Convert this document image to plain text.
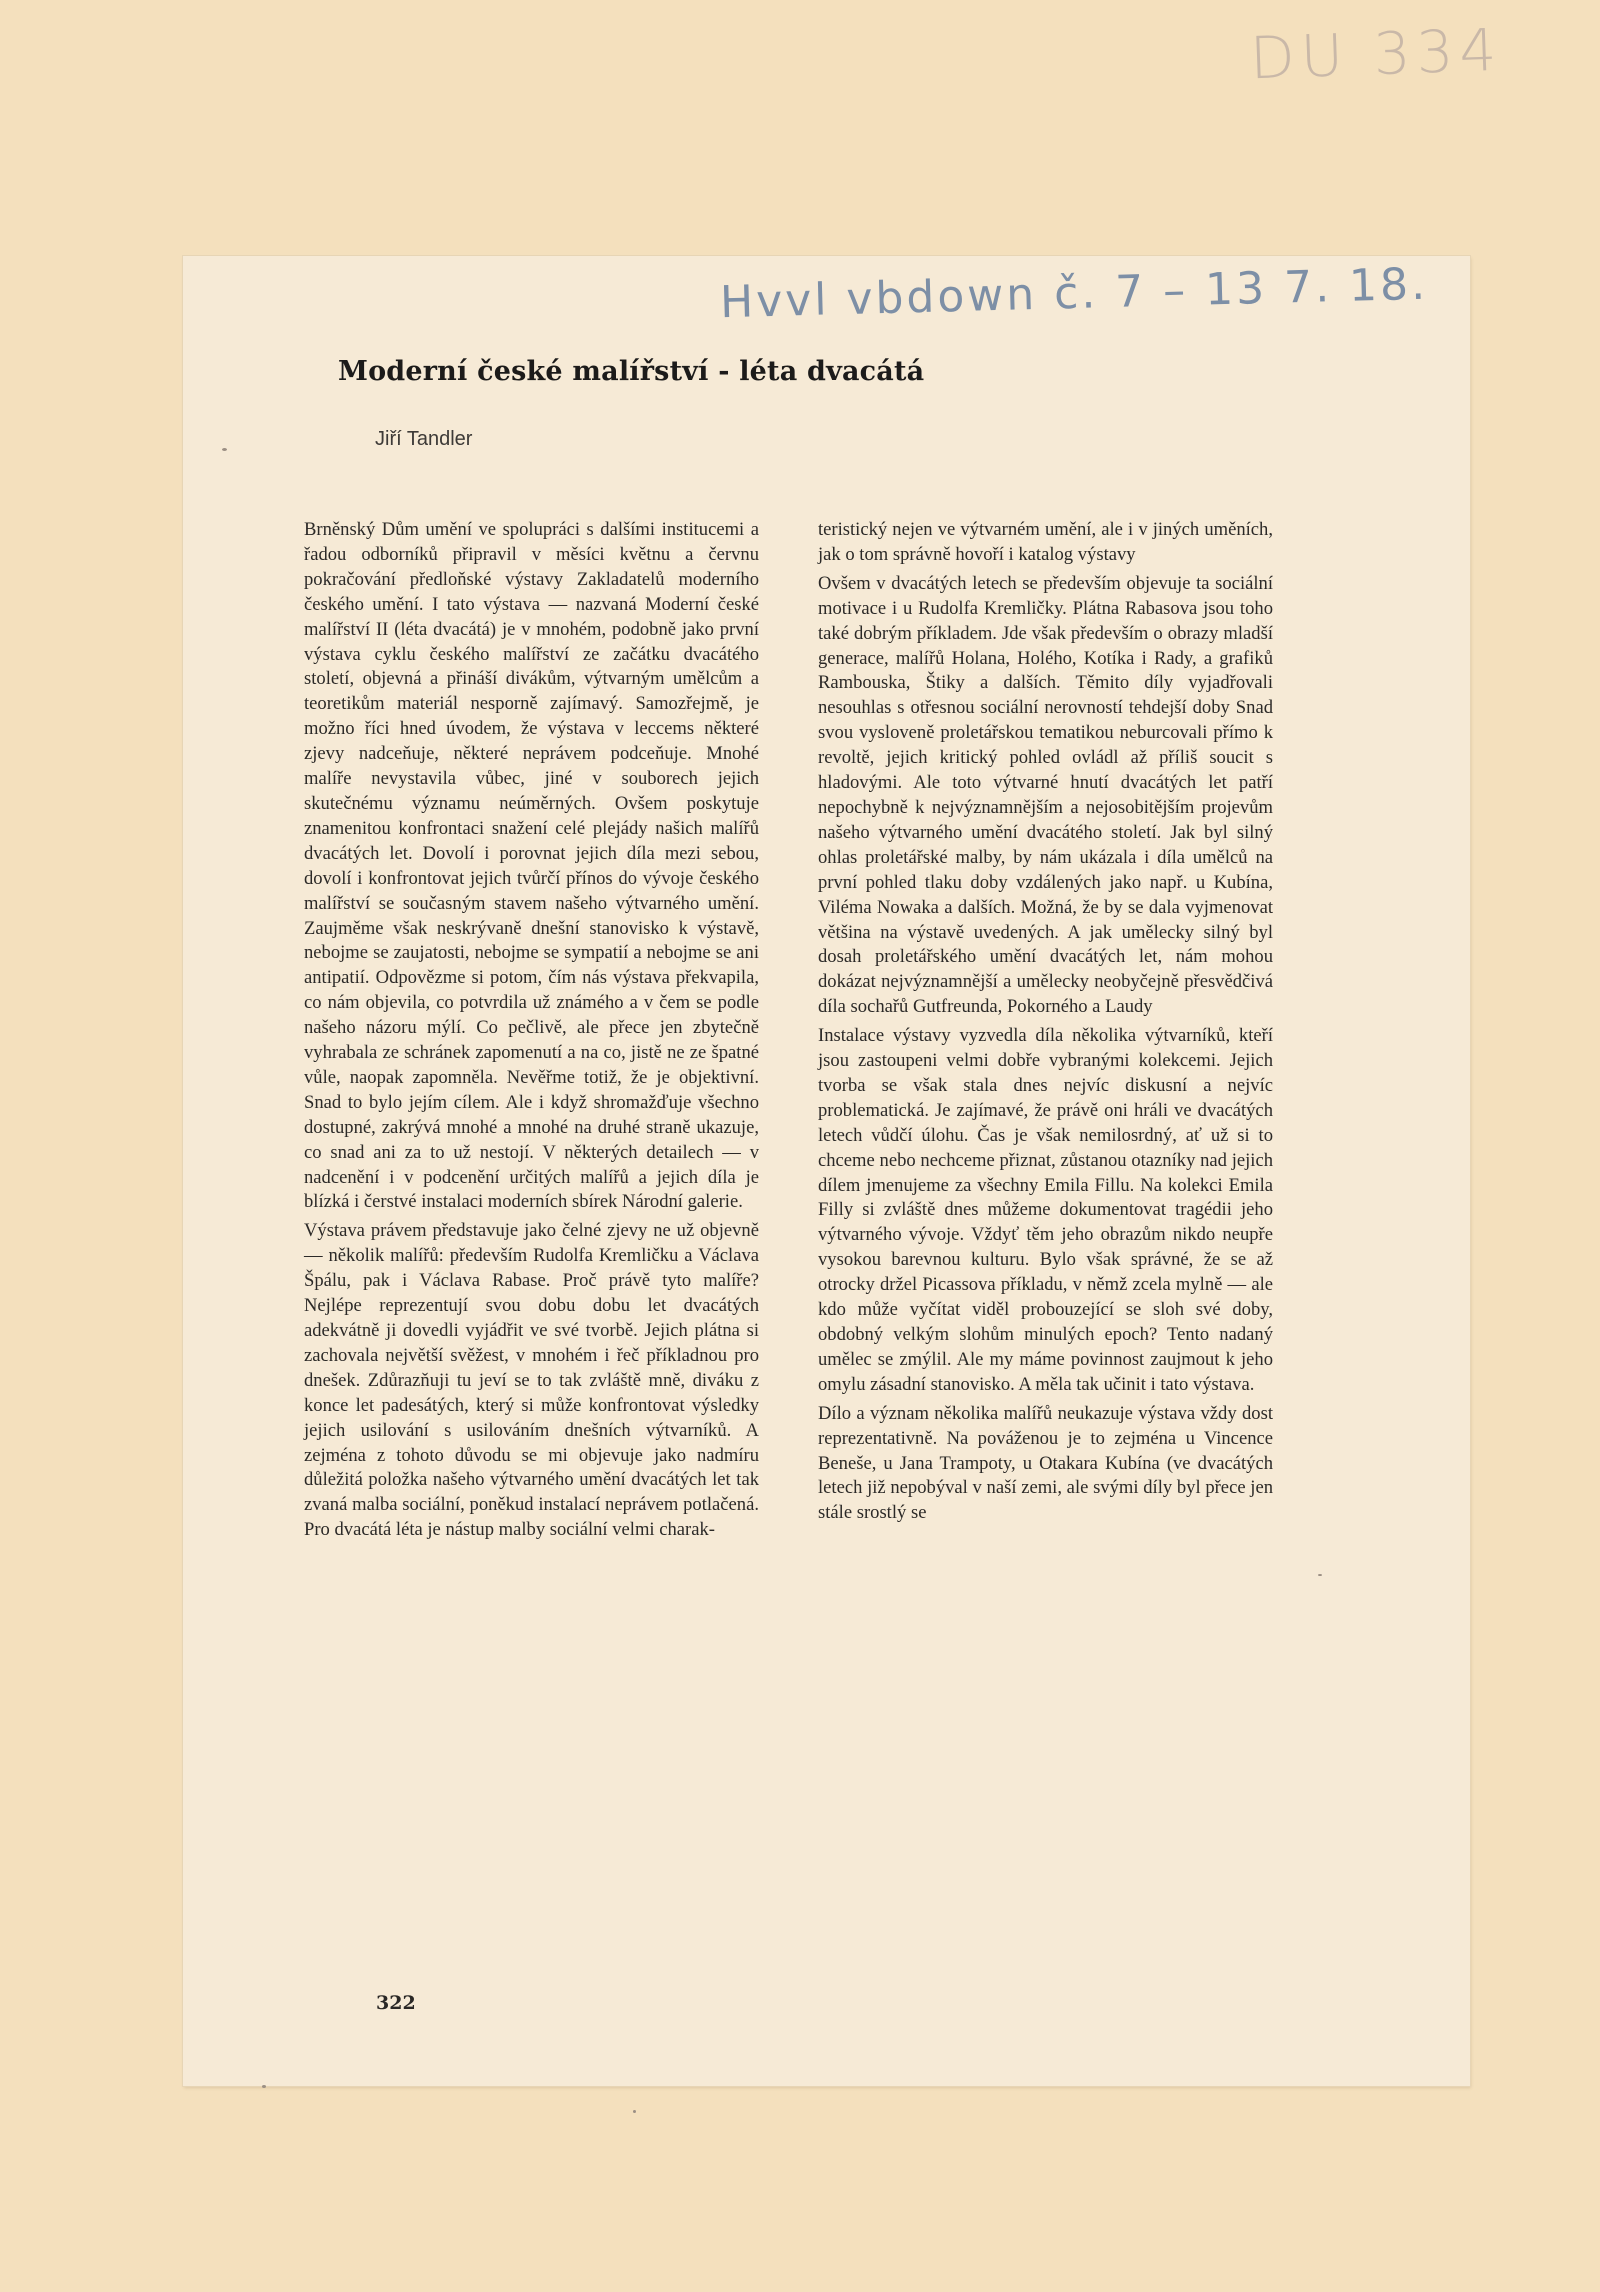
DU 334
Hvvl vbdown č. 7 – 13 7. 18.
Moderní české malířství - léta dvacátá

Jiří Tandler

Brněnský Dům umění ve spolupráci s dalšími institucemi a řadou odborníků připravil v měsíci květnu a červnu pokračování předloňské výstavy Zakladatelů moderního českého umění. I tato výstava — nazvaná Moderní české malířství II (léta dvacátá) je v mnohém, podobně jako první výstava cyklu českého malířství ze začátku dvacátého století, objevná a přináší divákům, výtvarným umělcům a teoretikům materiál nesporně zajímavý. Samozřejmě, je možno říci hned úvodem, že výstava v leccems některé zjevy nadceňuje, některé neprávem podceňuje. Mnohé malíře nevystavila vůbec, jiné v souborech jejich skutečnému významu neúměrných. Ovšem poskytuje znamenitou konfrontaci snažení celé plejády našich malířů dvacátých let. Dovolí i porovnat jejich díla mezi sebou, dovolí i konfrontovat jejich tvůrčí přínos do vývoje českého malířství se současným stavem našeho výtvarného umění. Zaujměme však neskrývaně dnešní stanovisko k výstavě, nebojme se zaujatosti, nebojme se sympatií a nebojme se ani antipatií. Odpovězme si potom, čím nás výstava překvapila, co nám objevila, co potvrdila už známého a v čem se podle našeho názoru mýlí. Co pečlivě, ale přece jen zbytečně vyhrabala ze schránek zapomenutí a na co, jistě ne ze špatné vůle, naopak zapomněla. Nevěřme totiž, že je objektivní. Snad to bylo jejím cílem. Ale i když shromažďuje všechno dostupné, zakrývá mnohé a mnohé na druhé straně ukazuje, co snad ani za to už nestojí. V některých detailech — v nadcenění i v podcenění určitých malířů a jejich díla je blízká i čerstvé instalaci moderních sbírek Národní galerie.

Výstava právem představuje jako čelné zjevy ne už objevně — několik malířů: především Rudolfa Kremličku a Václava Špálu, pak i Václava Rabase. Proč právě tyto malíře? Nejlépe reprezentují svou dobu dobu let dvacátých adekvátně ji dovedli vyjádřit ve své tvorbě. Jejich plátna si zachovala největší svěžest, v mnohém i řeč příkladnou pro dnešek. Zdůrazňuji tu jeví se to tak zvláště mně, diváku z konce let padesátých, který si může konfrontovat výsledky jejich usilování s usilováním dnešních výtvarníků. A zejména z tohoto důvodu se mi objevuje jako nadmíru důležitá položka našeho výtvarného umění dvacátých let tak zvaná malba sociální, poněkud instalací neprávem potlačená. Pro dvacátá léta je nástup malby sociální velmi charak-

teristický nejen ve výtvarném umění, ale i v jiných uměních, jak o tom správně hovoří i katalog výstavy

Ovšem v dvacátých letech se především objevuje ta sociální motivace i u Rudolfa Kremličky. Plátna Rabasova jsou toho také dobrým příkladem. Jde však především o obrazy mladší generace, malířů Holana, Holého, Kotíka i Rady, a grafiků Rambouska, Štiky a dalších. Těmito díly vyjadřovali nesouhlas s otřesnou sociální nerovností tehdejší doby Snad svou vysloveně proletářskou tematikou neburcovali přímo k revoltě, jejich kritický pohled ovládl až příliš soucit s hladovými. Ale toto výtvarné hnutí dvacátých let patří nepochybně k nejvýznamnějším a nejosobitějším projevům našeho výtvarného umění dvacátého století. Jak byl silný ohlas proletářské malby, by nám ukázala i díla umělců na první pohled tlaku doby vzdálených jako např. u Kubína, Viléma Nowaka a dalších. Možná, že by se dala vyjmenovat většina na výstavě uvedených. A jak umělecky silný byl dosah proletářského umění dvacátých let, nám mohou dokázat nejvýznamnější a umělecky neobyčejně přesvědčivá díla sochařů Gutfreunda, Pokorného a Laudy

Instalace výstavy vyzvedla díla několika výtvarníků, kteří jsou zastoupeni velmi dobře vybranými kolekcemi. Jejich tvorba se však stala dnes nejvíc diskusní a nejvíc problematická. Je zajímavé, že právě oni hráli ve dvacátých letech vůdčí úlohu. Čas je však nemilosrdný, ať už si to chceme nebo nechceme přiznat, zůstanou otazníky nad jejich dílem jmenujeme za všechny Emila Fillu. Na kolekci Emila Filly si zvláště dnes můžeme dokumentovat tragédii jeho výtvarného vývoje. Vždyť těm jeho obrazům nikdo neupře vysokou barevnou kulturu. Bylo však správné, že se až otrocky držel Picassova příkladu, v němž zcela mylně — ale kdo může vyčítat viděl probouzející se sloh své doby, obdobný velkým slohům minulých epoch? Tento nadaný umělec se zmýlil. Ale my máme povinnost zaujmout k jeho omylu zásadní stanovisko. A měla tak učinit i tato výstava.

Dílo a význam několika malířů neukazuje výstava vždy dost reprezentativně. Na pováženou je to zejména u Vincence Beneše, u Jana Trampoty, u Otakara Kubína (ve dvacátých letech již nepobýval v naší zemi, ale svými díly byl přece jen stále srostlý se

322
